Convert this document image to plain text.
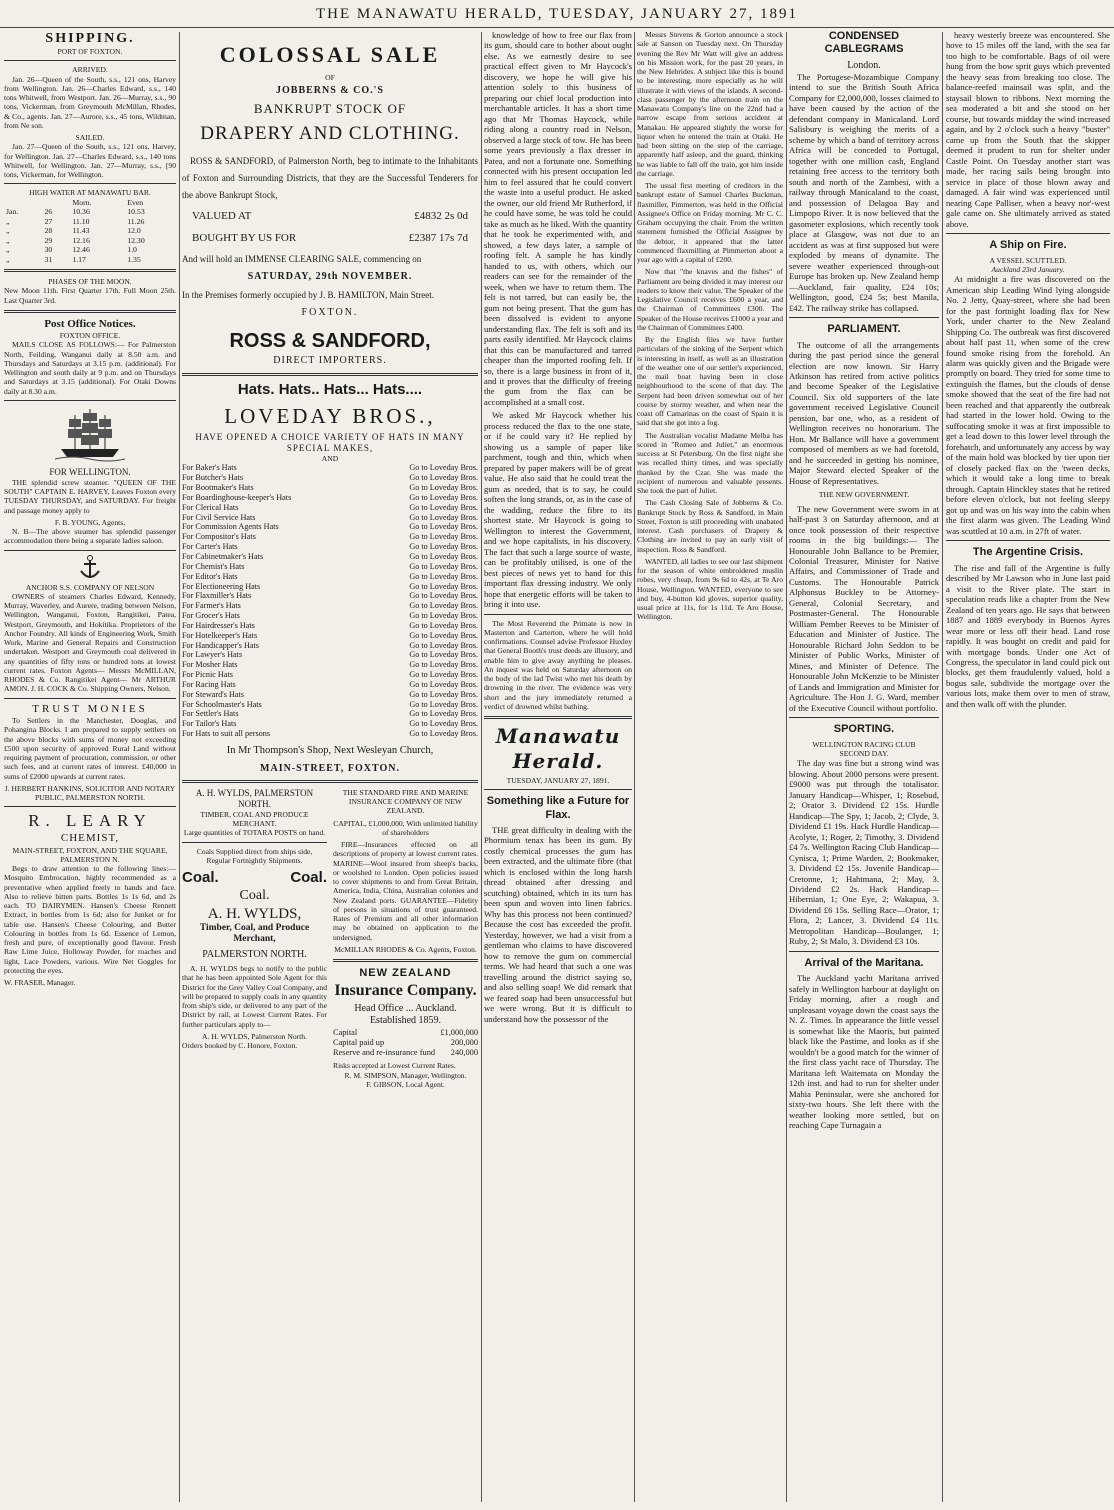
THE MANAWATU HERALD, TUESDAY, JANUARY 27, 1891
SHIPPING.
PORT OF FOXTON.
ARRIVED.

Jan. 26—Queen of the South, s.s., 121 ons, Harvey from Wellington. Jan. 26—Charles Edward, s.s., 140 tons Whitwell, from Westport. Jan. 26—Murray, s.s., 90 tons, Vickerman, from Greymouth McMillan, Rhodes, & Co., agents. Jan. 27—Aurore, s.s., 45 tons, Wildman, from Ne son.

SAILED.

Jan. 27—Queen of the South, s.s., 121 ons, Harvey, for Wellington. Jan. 27—Charles Edward, s.s., 140 tons Whitwell, for Wellington. Jan. 27—Murray, s.s., [90 tons, Vickerman, for Wellington.

HIGH WATER AT MANAWATU BAR.
		Morn.	Even
Jan.	26	10.36	10.53
„	27	11.10	11.26
„	28	11.43	12.0
„	29	12.16	12.30
„	30	12.46	1.0
„	31	1.17	1.35
PHASES OF THE MOON.

New Moon 11th. First Quarter 17th. Full Moon 25th. Last Quarter 3rd.

Post Office Notices.
FOXTON OFFICE.

MAILS CLOSE AS FOLLOWS:— For Palmerston North, Feilding, Wanganui daily at 8.50 a.m. and Thursdays and Saturdays at 3.15 p.m. (additional). For Wellington and south daily at 9 p.m. and on Thursdays and Saturdays at 3.15 (additional). For Otaki Downs daily at 8.30 a.m.

FOR WELLINGTON.

THE splendid screw steamer. "QUEEN OF THE SOUTH" CAPTAIN E. HARVEY, Leaves Foxton every TUESDAY THURSDAY, and SATURDAY. For freight and passage money apply to

F. B. YOUNG, Agents,

N. B—The above steamer has splendid passenger accommodation there being a separate ladies saloon.

ANCHOR S.S. COMPANY OF NELSON

OWNERS of steamers Charles Edward, Kennedy, Murray, Waverley, and Aurere, trading between Nelson, Wellington, Wanganui, Foxton, Rangitikei, Patea, Westport, Greymouth, and Hokitika. Proprietors of the Anchor Foundry. All kinds of Engineering Work, Smith Work, Marine and General Repairs and Construction undertaken. Westport and Greymouth coal delivered in any quantities of fifty tons or hundred tons at lowest current rates. Foxton Agents— Messrs McMILLAN, RHODES & Co. Rangitikei Agent— Mr ARTHUR AMON. J. H. COCK & Co. Shipping Owners, Nelson.

TRUST MONIES

To Settlers in the Manchester, Douglas, and Pohangina Blocks. I am prepared to supply settlers on the above blocks with sums of money not exceeding £500 upon security of approved Rural Land without requiring payment of procuration, commission, or other such fees, and at current rates of interest. £40,000 in sums of £2000 upwards at current rates.

J. HERBERT HANKINS, SOLICITOR AND NOTARY PUBLIC, PALMERSTON NORTH.
R. LEARY
CHEMIST,
MAIN-STREET, FOXTON, AND THE SQUARE, PALMERSTON N.

Begs to draw attention to the following lines:— Mosquito Embrocation, highly recommended as a preventative when applied freely to hands and face. Also to relieve bitten parts. Bottles 1s 1s 6d, and 2s each. TO DAIRYMEN. Hansen's Cheese Rennett Extract, in bottles from 1s 6d; also for Junket or for table use. Hansen's Cheese Colouring, and Butter Colouring in bottles from 1s 6d. Essence of Lemon, fresh and pure, of exceptionally good flavour. Fresh Raw Lime Juice, Holloway Powder, for roaches and light, Lace Powders, various. Wire Net Goggles for protecting the eyes.

W. FRASER, Manager.
COLOSSAL SALE
OF
JOBBERNS & CO.'S
BANKRUPT STOCK OF
DRAPERY AND CLOTHING.

ROSS & SANDFORD, of Palmerston North, beg to intimate to the Inhabitants of Foxton and Surrounding Districts, that they are the Successful Tenderers for the above Bankrupt Stock,

VALUED AT	£4832 2s 0d
BOUGHT BY US FOR	£2387 17s 7d
And will hold an IMMENSE CLEARING SALE, commencing on
SATURDAY, 29th NOVEMBER.
In the Premises formerly occupied by J. B. HAMILTON, Main Street.
FOXTON.
ROSS & SANDFORD,
DIRECT IMPORTERS.
Hats. Hats.. Hats... Hats....
LOVEDAY BROS.,
HAVE OPENED A CHOICE VARIETY OF HATS IN MANY SPECIAL MAKES,
AND
For Baker's Hats	Go to Loveday Bros.
For Butcher's Hats	Go to Loveday Bros.
For Bootmaker's Hats	Go to Loveday Bros.
For Boardinghouse-keeper's Hats	Go to Loveday Bros.
For Clerical Hats	Go to Loveday Bros.
For Civil Service Hats	Go to Loveday Bros.
For Commission Agents Hats	Go to Loveday Bros.
For Compositor's Hats	Go to Loveday Bros.
For Carter's Hats	Go to Loveday Bros.
For Cabinetmaker's Hats	Go to Loveday Bros.
For Chemist's Hats	Go to Loveday Bros.
For Editor's Hats	Go to Loveday Bros.
For Electioneering Hats	Go to Loveday Bros.
For Flaxmiller's Hats	Go to Loveday Bros.
For Farmer's Hats	Go to Loveday Bros.
For Grocer's Hats	Go to Loveday Bros.
For Hairdresser's Hats	Go to Loveday Bros.
For Hotelkeeper's Hats	Go to Loveday Bros.
For Handicapper's Hats	Go to Loveday Bros.
For Lawyer's Hats	Go to Loveday Bros.
For Mosher Hats	Go to Loveday Bros.
For Picnic Hats	Go to Loveday Bros.
For Racing Hats	Go to Loveday Bros.
For Steward's Hats	Go to Loveday Bros.
For Schoolmaster's Hats	Go to Loveday Bros.
For Settler's Hats	Go to Loveday Bros.
For Tailor's Hats	Go to Loveday Bros.
For Hats to suit all persons	Go to Loveday Bros.
In Mr Thompson's Shop, Next Wesleyan Church,
MAIN-STREET, FOXTON.
A. H. WYLDS, PALMERSTON NORTH.
TIMBER, COAL AND PRODUCE MERCHANT.
Large quantities of TOTARA POSTS on hand.
Coals Supplied direct from ships side,
Regular Fortnightly Shipments.
Coal.	Coal.
Coal.
A. H. WYLDS,
Timber, Coal, and Produce Merchant,
PALMERSTON NORTH.

A. H. WYLDS begs to notify to the public that he has been appointed Sole Agent for this District for the Grey Valley Coal Company, and will be prepared to supply coals in any quantity from ship's side, or delivered to any part of the District by rail, at Lowest Current Rates. For further particulars apply to—

A. H. WYLDS, Palmerston North.
Orders booked by C. Honore, Foxton.
THE STANDARD FIRE AND MARINE INSURANCE COMPANY OF NEW ZEALAND.
CAPITAL, £1,000,000, With unlimited liability of shareholders

FIRE—Insurances effected on all descriptions of property at lowest current rates. MARINE—Wool insured from sheep's backs, or woolshed to London. Open policies issued to cover shipments to and from Great Britain, America, India, China, Australian colonies and New Zealand ports. GUARANTEE—Fidelity of persons in situations of trust guaranteed. Rates of Premium and all other information may be obtained on application to the undersigned,

McMILLAN RHODES & Co. Agents, Foxton.
NEW ZEALAND
Insurance Company.
Head Office ... Auckland.
Established 1859.
Capital	£1,000,000
Capital paid up	200,000
Reserve and re-insurance fund 240,000
Risks accepted at Lowest Current Rates.
R. M. SIMPSON, Manager, Wellington.
F. GIBSON, Local Agent.

knowledge of how to free our flax from its gum, should care to bother about ought else. As we earnestly desire to see practical effect given to Mr Haycock's discovery, we hope he will give his attention solely to this business of preparing our chief local production into merchantable articles. It has a short time ago that Mr Thomas Haycock, while riding along a country road in Nelson, observed a large stock of tow. He has been some years previously a flax dresser in Patea, and not a fortunate one. Something connected with his present occupation led him to feel assured that he could convert the waste into a useful product. He asked the owner, our old friend Mr Rutherford, if he could have some, he was told he could take as much as he liked. With the quantity that he took he experimented with, and showed, a few days later, a sample of roofing felt. A sample he has kindly handed to us, with others, which our readers can see for the remainder of the week, when we have to return them. The felt is not tarred, but can easily be, the gum not being present. That the gum has been dissolved is evident to anyone understanding flax. The felt is soft and its parts easily identified. Mr Haycock claims that this can be manufactured and tarred cheaper than the imported roofing felt. If so, there is a large business in front of it, and it proves that the difficulty of freeing the gum from the flax can be accomplished at a small cost.

We asked Mr Haycock whether his process reduced the flax to the one state, or if he could vary it? He replied by showing us a sample of paper like parchment, tough and thin, which when prepared by paper makers will be of great value. He also said that he could treat the gum as needed, that is to say, he could soften the long strands, or, as in the case of the wadding, reduce the fibre to its shortest state. Mr Haycock is going to Wellington to interest the Government, and we hope capitalists, in his discovery. The fact that such a large source of waste, can be profitably utilised, is one of the best pieces of news yet to hand for this important flax dressing industry. We only hope that energetic efforts will be taken to bring it into use.

The Most Reverend the Primate is now in Masterton and Carterton, where he will hold confirmations. Counsel advise Professor Huxley that General Booth's trust deeds are illusory, and enable him to give away anything he pleases. An inquest was held on Saturday afternoon on the body of the lad Twist who met his death by drowning in the river. The evidence was very short and the jury immediately returned a verdict of drowned whilst bathing.

Manawatu Herald.
TUESDAY, JANUARY 27, 1891.
Something like a Future for Flax.

THE great difficulty in dealing with the Phormium tenax has been its gum. By costly chemical processes the gum has been extracted, and the ultimate fibre (that which is enclosed within the long harsh thread obtained after dressing and scutching) obtained, which in its turn has been spun and woven into linen fabrics. Why has this process not been continued? Because the cost has exceeded the profit. Yesterday, however, we had a visit from a gentleman who claims to have discovered how to remove the gum on commercial terms. We had heard that such a one was travelling around the district saying so, and also selling soap! We did remark that we feared soap had been unsuccessful but we were wrong. But it is difficult to understand how the possessor of the

Messrs Stevens & Gorton announce a stock sale at Sanson on Tuesday next. On Thursday evening the Rev Mr Watt will give an address on his Mission work, for the past 20 years, in the New Hebrides. A subject like this is bound to be interesting, more especially as he will illustrate it with views of the islands. A second-class passenger by the afternoon train on the Manawatu Company's line on the 22nd had a narrow escape from serious accident at Manakau. He appeared slightly the worse for liquor when he entered the train at Otaki. He had been sitting on the step of the carriage, apparently half asleep, and the guard, thinking he was liable to fall off the train, got him inside the carriage.

The usual first meeting of creditors in the bankrupt estate of Samuel Charles Buckman, flaxmiller, Pimmerton, was held in the Official Assignee's Office on Friday morning. Mr C. C. Graham occupying the chair. From the written statement furnished the Official Assignee by the debtor, it appeared that the latter commenced flaxmilling at Pimmerton about a year ago with a capital of £200.

Now that "the knaves and the fishes" of Parliament are being divided it may interest our readers to know their value. The Speaker of the Legislative Council receives £600 a year, and the Chairman of Committees £300. The Speaker of the House receives £1000 a year and the Chairman of Committees £400.

By the English files we have further particulars of the sinking of the Serpent which is interesting in itself, as well as an illustration of the weather one of our settler's experienced, the mail boat having been in close neighbourhood to the scene of that day. The Serpent had been driven somewhat out of her course by stormy weather, and when near the coast off Camarinas on the coast of Spain it is said that she got into a fog.

The Australian vocalist Madame Melba has scored in "Romeo and Juliet," an enormous success at St Petersburg. On the first night she was recalled thirty times, and was specially thanked by the Czar. She was made the recipient of numerous and valuable presents. She took the part of Juliet.

The Cash Closing Sale of Jobberns & Co. Bankrupt Stock by Ross & Sandford, in Main Street, Foxton is still proceeding with unabated interest. Cash purchasers of Drapery & Clothing are invited to pay an early visit of inspection. Ross & Sandford.

WANTED, all ladies to see our last shipment for the season of white embroidered muslin robes, very cheap, from 9s 6d to 42s, at Te Aro House, Wellington. WANTED, everyone to see and buy, 4-button kid gloves, superior quality, usual price at 11s, for 1s 11d. Te Aro House, Wellington.

CONDENSED CABLEGRAMS
London.

The Portugese-Mozambique Company intend to sue the British South Africa Company for £2,000,000, losses claimed to have been caused by the action of the defendant company in Manicaland. Lord Salisbury is weighing the merits of a scheme by which a band of territory across Africa will be conceded to Portugal, together with one million cash, England retaining free access to the territory both south and north of the Zambesi, with a railway through Manicaland to the coast, and possession of Delagoa Bay and Limpopo River. It is now believed that the gasometer explosions, which recently took place at Glasgow, was not due to an accident as was at first supposed but were exploded by means of dynamite. The severe weather experienced through-out Europe has broken up. New Zealand hemp—Auckland, fair quality, £24 10s; Wellington, good, £24 5s; best Manila, £42. The railway strike has collapsed.

PARLIAMENT.

The outcome of all the arrangements during the past period since the general election are now known. Sir Harry Atkinson has retired from active politics and become Speaker of the Legislative Council. Six old supporters of the late government received Legislative Council pension, bar one, who, as a resident of Wellington receives no honorarium. The Hon. Mr Ballance will have a government composed of members as we had foretold, and he succeeded in getting his nominee, Major Steward elected Speaker of the House of Representatives.

THE NEW GOVERNMENT.

The new Government were sworn in at half-past 3 on Saturday afternoon, and at once took possession of their respective rooms in the big buildings:— The Honourable John Ballance to be Premier, Colonial Treasurer, Minister for Native Affairs, and Commissioner of Trade and Customs. The Honourable Patrick Alphonsus Buckley to be Attorney-General, Colonial Secretary, and Postmaster-General. The Honourable William Pember Reeves to be Minister of Education and Minister of Justice. The Honourable Richard John Seddon to be Minister of Public Works, Minister of Mines, and Minister of Defence. The Honourable John McKenzie to be Minister of Lands and Immigration and Minister for Agriculture. The Hon J. G. Ward, member of the Executive Council without portfolio.

SPORTING.
WELLINGTON RACING CLUB
SECOND DAY.

The day was fine but a strong wind was blowing. About 2000 persons were present. £9000 was put through the totalisator. January Handicap—Whisper, 1; Rosebud, 2; Orator 3. Dividend £2 15s. Hurdle Handicap—The Spy, 1; Jacob, 2; Clyde, 3. Dividend £1 19s. Hack Hurdle Handicap—Acolyte, 1; Roger, 2; Timothy, 3. Dividend £4 7s. Wellington Racing Club Handicap—Cynisca, 1; Prime Warden, 2; Bookmaker, 3. Dividend £2 15s. Juvenile Handicap—Cretonne, 1; Hahtmana, 2; May, 3. Dividend £2 2s. Hack Handicap—Hibernian, 1; One Eye, 2; Wakapua, 3. Dividend £6 15s. Selling Race—Orator, 1; Flora, 2; Lancer, 3. Dividend £4 11s. Metropolitan Handicap—Boulanger, 1; Ruby, 2; St Malo, 3. Dividend £3 10s.

Arrival of the Maritana.

The Auckland yacht Maritana arrived safely in Wellington harbour at daylight on Friday morning, after a rough and unpleasant voyage down the coast says the N. Z. Times. In appearance the little vessel is somewhat like the Maoris, but painted black like the Pastime, and looks as if she wouldn't be a good match for the winner of the first class yacht race of Thursday. The Maritana left Waitemata on Monday the 12th inst. and had to run for shelter under Mahia Peninsular, were she anchored for sixty-two hours. She left there with the weather looking more settled, but on reaching Cape Turnagain a

heavy westerly breeze was encountered. She hove to 15 miles off the land, with the sea far too high to be comfortable. Bags of oil were hung from the bow sprit guys which prevented the heavy seas from breaking too close. The balance-reefed mainsail was split, and the staysail blown to ribbons. Next morning the sea moderated a bit and she stood on her course, but towards midday the wind increased again, and by 2 o'clock such a heavy "buster" came up from the South that the skipper deemed it prudent to run for shelter under Castle Point. On Tuesday another start was made, her racing sails being brought into service in place of those blown away and damaged. A fair wind was experienced until nearing Cape Palliser, when a heavy nor'-west gale came on. She ultimately arrived as stated above.

A Ship on Fire.
A VESSEL SCUTTLED.
Auckland 23rd January.

At midnight a fire was discovered on the American ship Leading Wind lying alongside No. 2 Jetty, Quay-street, where she had been for the past fortnight loading flax for New York, under charter to the New Zealand Shipping Co. The outbreak was first discovered about half past 11, when some of the crew found smoke rising from the forehold. An alarm was quickly given and the Brigade were promptly on board. They tried for some time to extinguish the flames, but the clouds of dense smoke showed that the seat of the fire had not been reached and that apparently the outbreak had started in the lower hold. Owing to the suffocating smoke it was at first impossible to get a lead down to this lower level through the forehatch, and unfortunately any access by way of the main hold was blocked by tier upon tier of closely packed flax on the 'tween decks, which it would take a long time to break through. Captain Hinckley states that he retired before eleven o'clock, but not feeling sleepy got up and was on his way into the cabin when the first alarm was given. The Leading Wind was scuttled at 10 a.m. in 27ft of water.

The Argentine Crisis.

The rise and fall of the Argentine is fully described by Mr Lawson who in June last paid a visit to the River plate. The start in speculation reads like a chapter from the New Zealand of ten years ago. He says that between 1887 and 1889 everybody in Buenos Ayres wear more or less off their head. Land rose rapidly. It was bought on credit and paid for with mortgage bonds. Under one Act of Congress, the speculator in land could pick out blocks, get them fraudulently valued, hold a bogus sale, subdivide the mortgage over the various lots, make them over to men of straw, and then walk off with the plunder.
